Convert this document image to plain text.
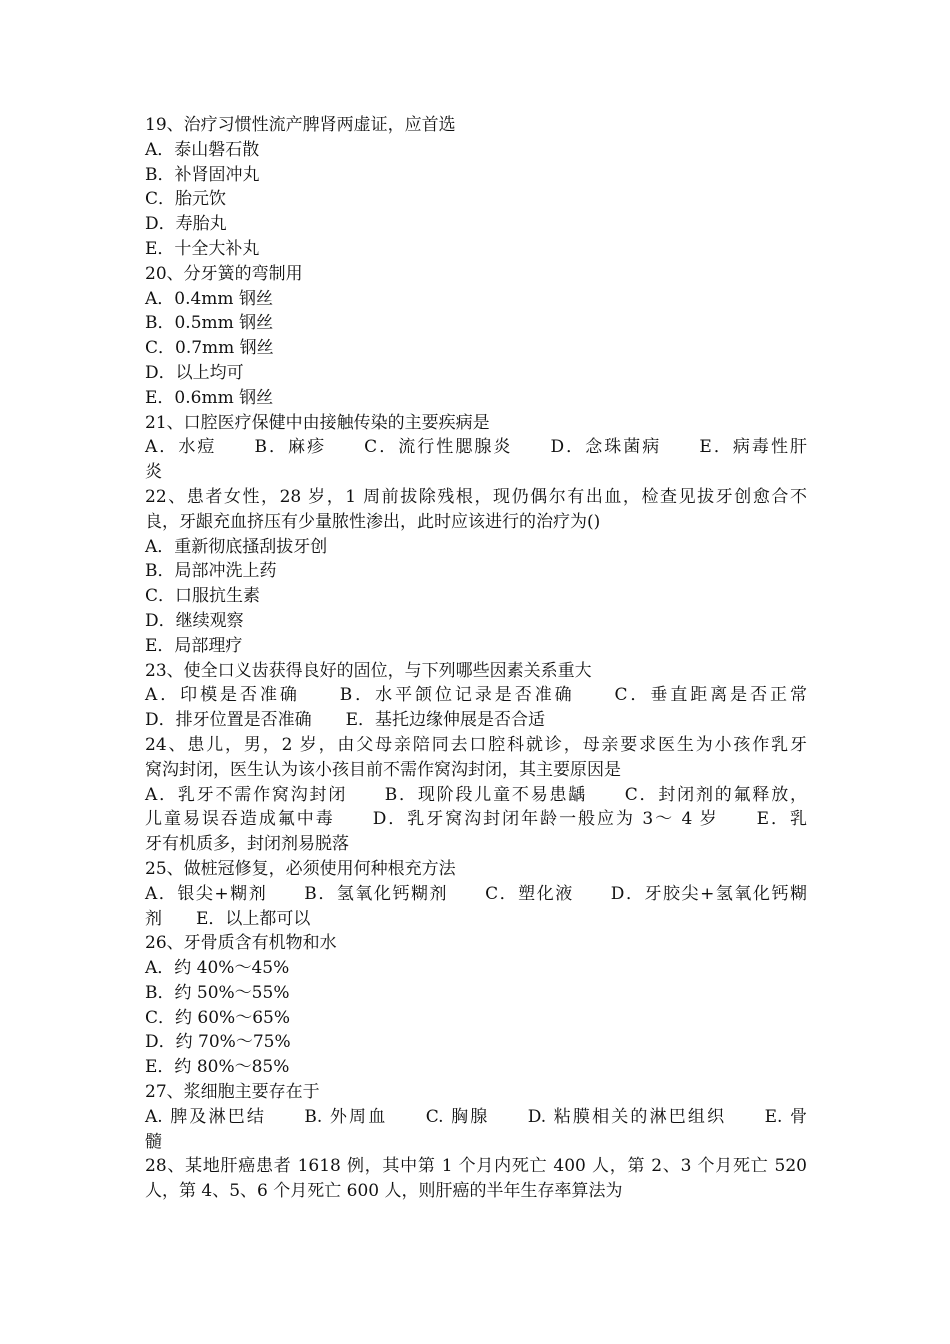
19、治疗习惯性流产脾肾两虚证，应首选
A．泰山磐石散
B．补肾固冲丸
C．胎元饮
D．寿胎丸
E．十全大补丸
20、分牙簧的弯制用
A．0.4mm 钢丝
B．0.5mm 钢丝
C．0.7mm 钢丝
D．以上均可
E．0.6mm 钢丝
21、口腔医疗保健中由接触传染的主要疾病是
A．水痘　　B．麻疹　　C．流行性腮腺炎　　D．念珠菌病　　E．病毒性肝
炎
22、患者女性，28 岁，1 周前拔除残根，现仍偶尔有出血，检查见拔牙创愈合不
良，牙龈充血挤压有少量脓性渗出，此时应该进行的治疗为()
A．重新彻底搔刮拔牙创
B．局部冲洗上药
C．口服抗生素
D．继续观察
E．局部理疗
23、使全口义齿获得良好的固位，与下列哪些因素关系重大
A．印模是否准确　　B．水平颌位记录是否准确　　C．垂直距离是否正常
D．排牙位置是否准确　　E．基托边缘伸展是否合适
24、患儿，男，2 岁，由父母亲陪同去口腔科就诊，母亲要求医生为小孩作乳牙
窝沟封闭，医生认为该小孩目前不需作窝沟封闭，其主要原因是
A．乳牙不需作窝沟封闭　　B．现阶段儿童不易患龋　　C．封闭剂的氟释放，
儿童易误吞造成氟中毒　　D．乳牙窝沟封闭年龄一般应为 3～ 4 岁　　E．乳
牙有机质多，封闭剂易脱落
25、做桩冠修复，必须使用何种根充方法
A．银尖+糊剂　　B．氢氧化钙糊剂　　C．塑化液　　D．牙胶尖+氢氧化钙糊
剂　　E．以上都可以
26、牙骨质含有机物和水
A．约 40%～45%
B．约 50%～55%
C．约 60%～65%
D．约 70%～75%
E．约 80%～85%
27、浆细胞主要存在于
A. 脾及淋巴结　　B. 外周血　　C. 胸腺　　D. 粘膜相关的淋巴组织　　E. 骨
髓
28、某地肝癌患者 1618 例，其中第 1 个月内死亡 400 人，第 2、3 个月死亡 520
人，第 4、5、6 个月死亡 600 人，则肝癌的半年生存率算法为
